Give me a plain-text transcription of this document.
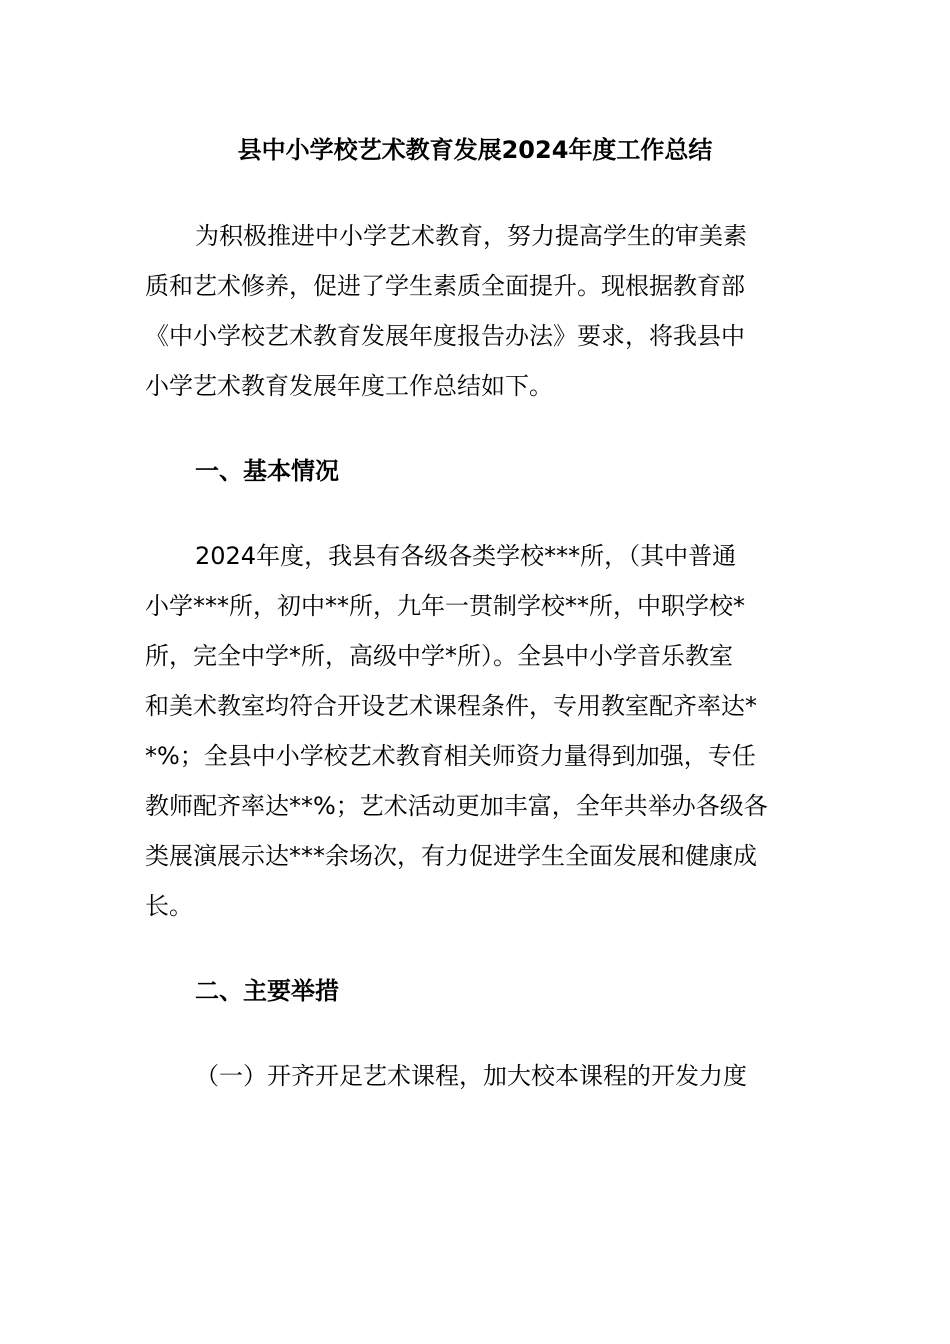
县中小学校艺术教育发展2024年度工作总结

为积极推进中小学艺术教育，努力提高学生的审美素

质和艺术修养，促进了学生素质全面提升。现根据教育部

《中小学校艺术教育发展年度报告办法》要求，将我县中

小学艺术教育发展年度工作总结如下。

一、基本情况

2024年度，我县有各级各类学校***所，（其中普通

小学***所，初中**所，九年一贯制学校**所，中职学校*

所，完全中学*所，高级中学*所）。全县中小学音乐教室

和美术教室均符合开设艺术课程条件，专用教室配齐率达*

*%；全县中小学校艺术教育相关师资力量得到加强，专任

教师配齐率达**%；艺术活动更加丰富，全年共举办各级各

类展演展示达***余场次，有力促进学生全面发展和健康成

长。

二、主要举措

（一）开齐开足艺术课程，加大校本课程的开发力度
